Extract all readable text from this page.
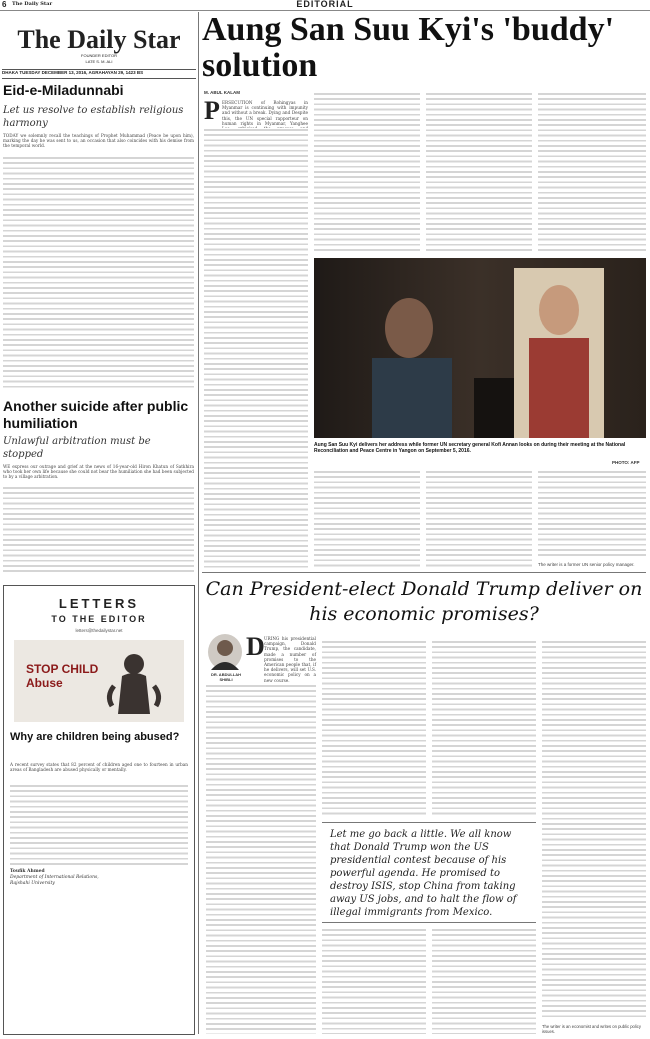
6 The Daily Star	EDITORIAL
The Daily Star
FOUNDER EDITOR
LATE S. M. ALI
DHAKA TUESDAY DECEMBER 13, 2016, AGRAHAYAN 29, 1423 BS
Eid-e-Miladunnabi
Let us resolve to establish religious harmony
TODAY we solemnly recall the teachings of Prophet Muhammad (Peace be upon him), marking the day he was sent to us, an occasion that also coincides with his demise from the temporal world.
Another suicide after public humiliation
Unlawful arbitration must be stopped
WE express our outrage and grief at the news of 16-year-old Hiron Khatun of Satkhira who took her own life because she could not bear the humiliation she had been subjected to by a village arbitration.
LETTERS
TO THE EDITOR
letters@thedailystar.net
STOP CHILD Abuse
Why are children being abused?
A recent survey states that 82 percent of children aged one to fourteen in urban areas of Bangladesh are abused physically or mentally.
Toufik Ahmed
Department of International Relations,
Rajshahi University
Aung San Suu Kyi's 'buddy' solution
M. ABUL KALAM
P ERSECUTION of Rohingyas in Myanmar is continuing with impunity and without a break. Dying and Despite this, the UN special rapporteur on human rights in Myanmar, Yanghee
Aung San Suu Kyi delivers her address while former UN secretary general Kofi Annan looks on during their meeting at the National Reconciliation and Peace Centre in Yangon on September 5, 2016.
PHOTO: AFP
The writer is a former UN senior policy manager.
Can President-elect Donald Trump deliver on his economic promises?
D URING his presidential campaign, Donald Trump, the candidate, made a number of promises to the American people that, if he delivers, will set U.S. economic policy on a new course.
DR. ABDULLAH SHIBLI
Let me go back a little. We all know that Donald Trump won the US presidential contest because of his powerful agenda. He promised to destroy ISIS, stop China from taking away US jobs, and to halt the flow of illegal immigrants from Mexico.
The writer is an economist and writes on public policy issues.
